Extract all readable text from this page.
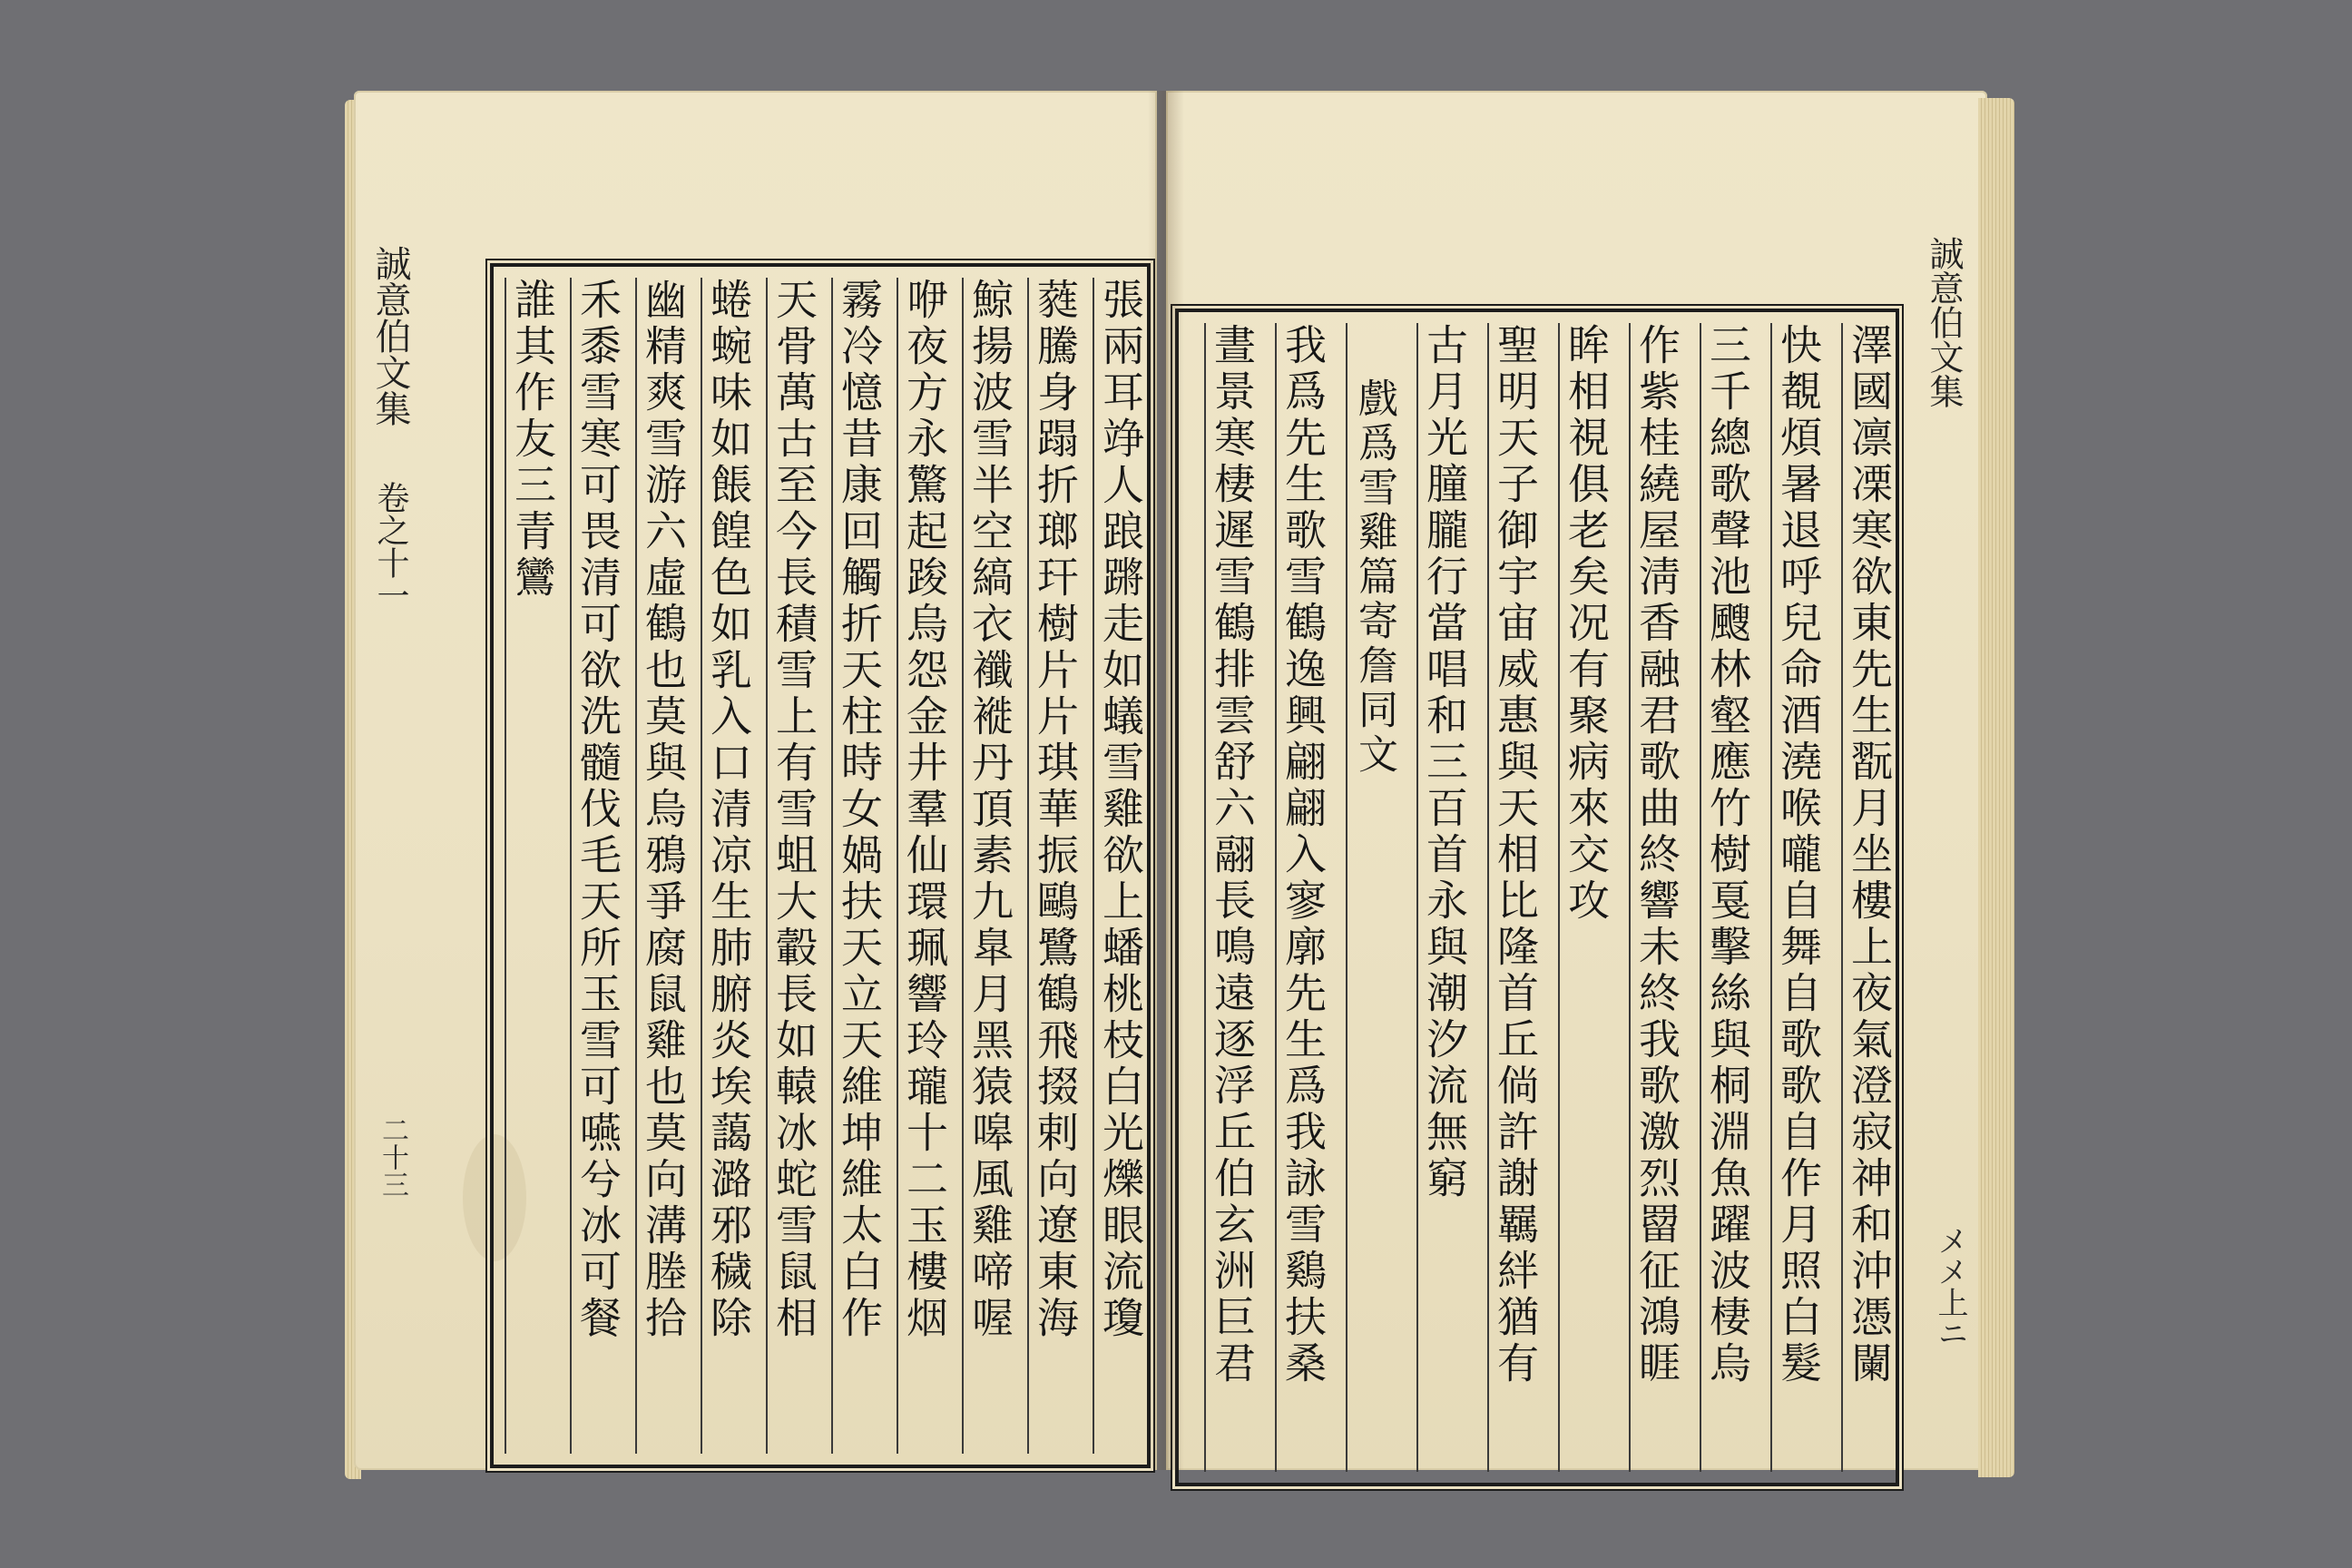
誠意伯文集
卷之十一
二十三	張兩耳竫人踉蹡走如蟻雪雞欲上蟠桃枝白光爍眼流瓊
蕤騰身蹋折瑯玕樹片片琪華振鷗鷺鶴飛掇剌向遼東海
鯨揚波雪半空縞衣襳褷丹頂素九臯月黑猿嗥風雞啼喔
咿夜方永驚起踆烏怨金井羣仙環珮響玲瓏十二玉樓烟
霧冷憶昔康回觸折天柱時女媧扶天立天維坤維太白作
天骨萬古至今長積雪上有雪蛆大轂長如轅冰蛇雪鼠相
蜷蜿味如餦餭色如乳入口清凉生肺腑炎埃藹潞邪穢除
幽精爽雪游六虛鶴也莫與烏鴉爭腐鼠雞也莫向溝塍拾
禾黍雪寒可畏清可欲洗髓伐毛天所玉雪可嚥兮冰可餐
誰其作友三青鸞	誠意伯文集
メメ上ニ
澤國凛凓寒欲東先生翫月坐樓上夜氣澄寂神和沖憑闌
快覩煩暑退呼兒命酒澆喉嚨自舞自歌歌自作月照白髮
三千總歌聲池颼林壑應竹樹戛擊絲與桐淵魚躍波棲烏
作紫桂繞屋淸香融君歌曲終響未終我歌激烈罶征鴻睚
眸相視俱老矣况有聚病來交攻
聖明天子御宇宙威惠與天相比隆首丘倘許謝羈絆猶有
古月光朣朧行當唱和三百首永與潮汐流無窮
戲爲雪雞篇寄詹同文
我爲先生歌雪鶴逸興翩翩入寥廓先生爲我詠雪鷄扶桑
晝景寒棲遲雪鶴排雲舒六翮長鳴遠逐浮丘伯玄洲巨君
